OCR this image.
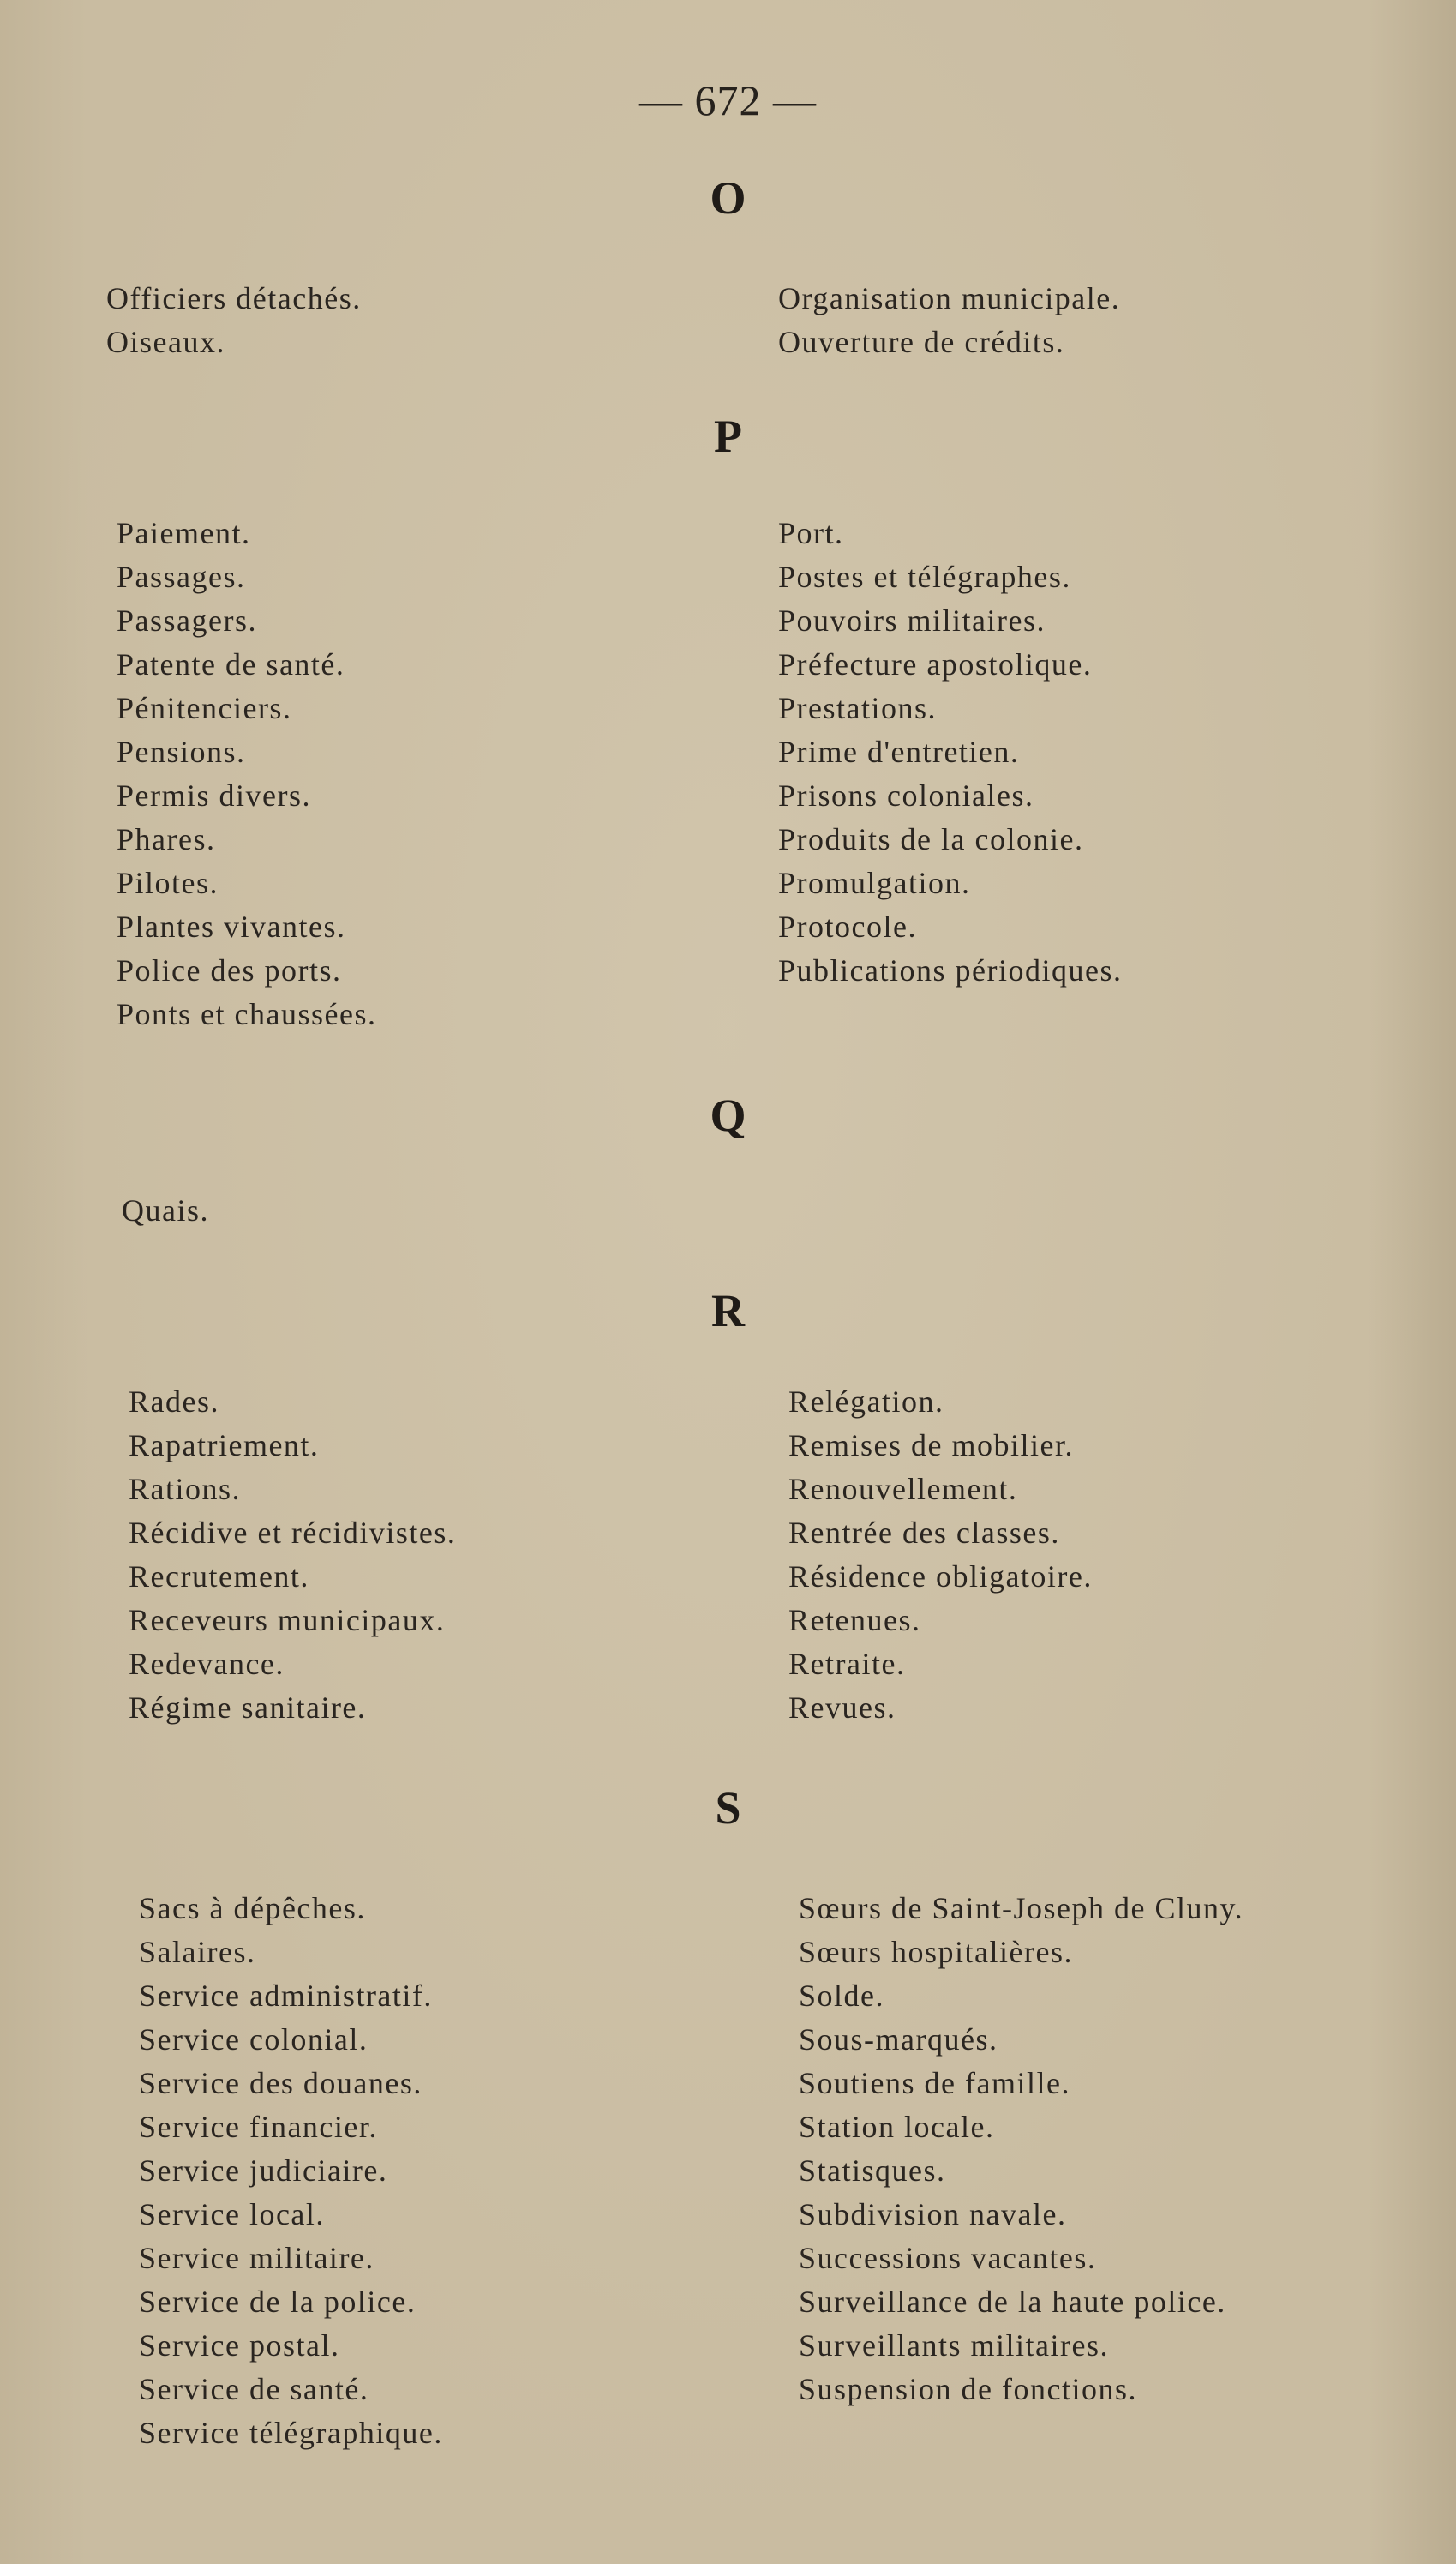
— 672 —
O
Officiers détachés.
Oiseaux.
Organisation municipale.
Ouverture de crédits.
P
Paiement.
Passages.
Passagers.
Patente de santé.
Pénitenciers.
Pensions.
Permis divers.
Phares.
Pilotes.
Plantes vivantes.
Police des ports.
Ponts et chaussées.
Port.
Postes et télégraphes.
Pouvoirs militaires.
Préfecture apostolique.
Prestations.
Prime d'entretien.
Prisons coloniales.
Produits de la colonie.
Promulgation.
Protocole.
Publications périodiques.
Q
Quais.
R
Rades.
Rapatriement.
Rations.
Récidive et récidivistes.
Recrutement.
Receveurs municipaux.
Redevance.
Régime sanitaire.
Relégation.
Remises de mobilier.
Renouvellement.
Rentrée des classes.
Résidence obligatoire.
Retenues.
Retraite.
Revues.
S
Sacs à dépêches.
Salaires.
Service administratif.
Service colonial.
Service des douanes.
Service financier.
Service judiciaire.
Service local.
Service militaire.
Service de la police.
Service postal.
Service de santé.
Service télégraphique.
Sœurs de Saint-Joseph de Cluny.
Sœurs hospitalières.
Solde.
Sous-marqués.
Soutiens de famille.
Station locale.
Statisques.
Subdivision navale.
Successions vacantes.
Surveillance de la haute police.
Surveillants militaires.
Suspension de fonctions.
